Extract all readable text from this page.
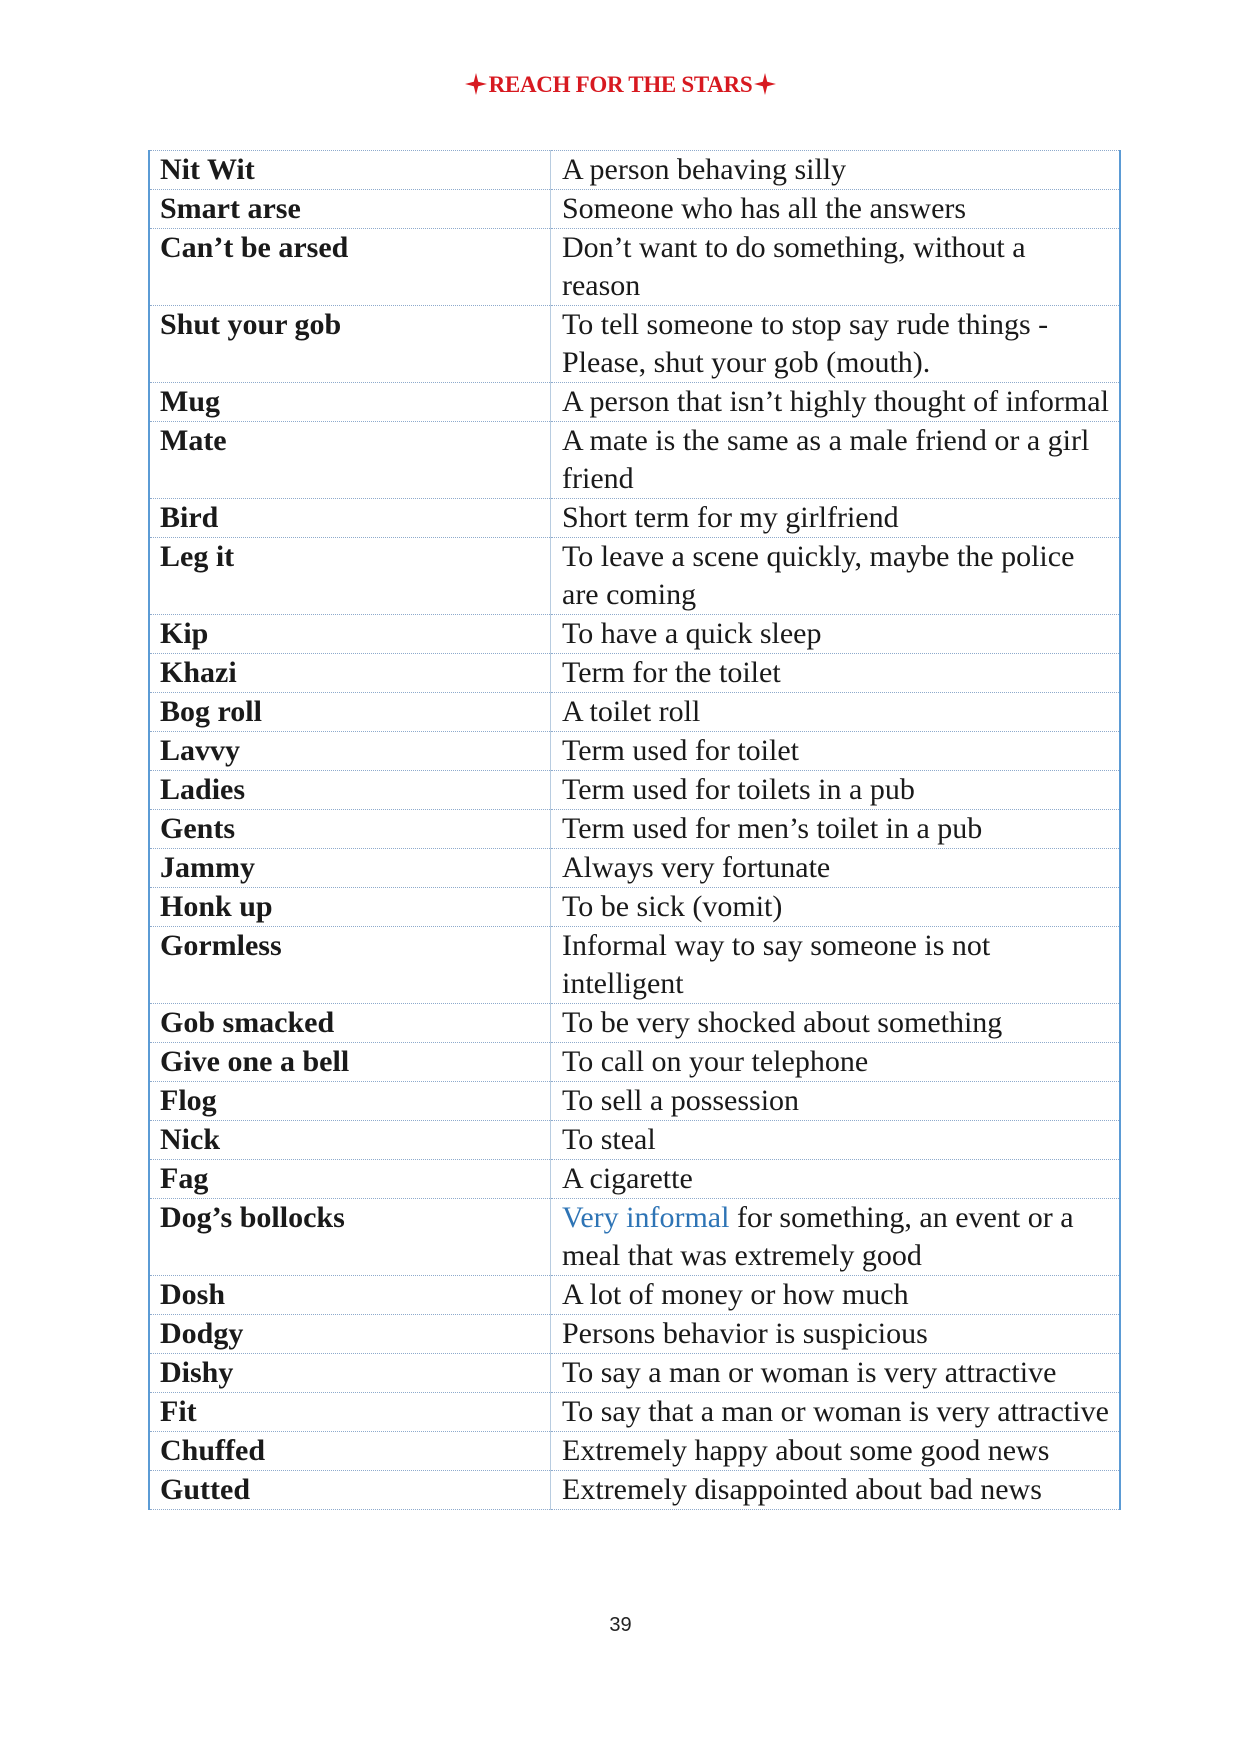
REACH FOR THE STARS
Nit Wit	A person behaving silly
Smart arse	Someone who has all the answers
Can’t be arsed	Don’t want to do something, without a reason
Shut your gob	To tell someone to stop say rude things - Please, shut your gob (mouth).
Mug	A person that isn’t highly thought of informal
Mate	A mate is the same as a male friend or a girl friend
Bird	Short term for my girlfriend
Leg it	To leave a scene quickly, maybe the police are coming
Kip	To have a quick sleep
Khazi	Term for the toilet
Bog roll	A toilet roll
Lavvy	Term used for toilet
Ladies	Term used for toilets in a pub
Gents	Term used for men’s toilet in a pub
Jammy	Always very fortunate
Honk up	To be sick (vomit)
Gormless	Informal way to say someone is not intelligent
Gob smacked	To be very shocked about something
Give one a bell	To call on your telephone
Flog	To sell a possession
Nick	To steal
Fag	A cigarette
Dog’s bollocks	Very informal for something, an event or a meal that was extremely good
Dosh	A lot of money or how much
Dodgy	Persons behavior is suspicious
Dishy	To say a man or woman is very attractive
Fit	To say that a man or woman is very attractive
Chuffed	Extremely happy about some good news
Gutted	Extremely disappointed about bad news
39
